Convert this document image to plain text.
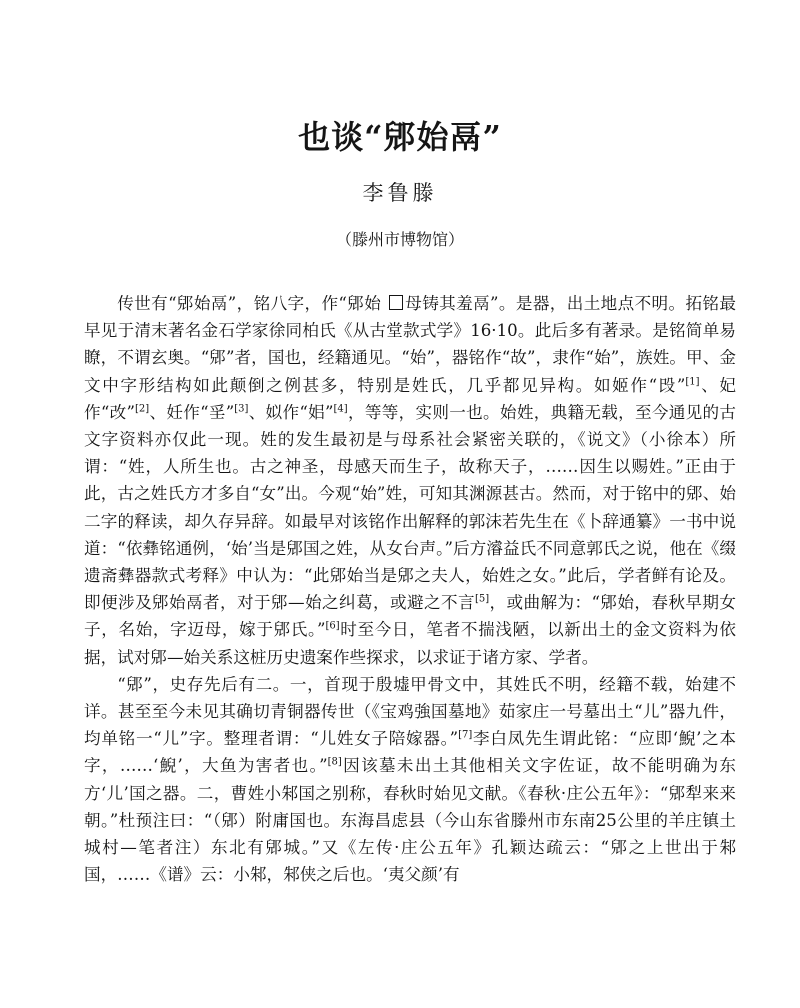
也谈“郳始鬲”
李鲁滕
（滕州市博物馆）

传世有“郳始鬲”，铭八字，作“郳始 母铸其羞鬲”。是器，出土地点不明。拓铭最早见于清末著名金石学家徐同柏氏《从古堂款式学》16·10。此后多有著录。是铭简单易瞭，不谓玄奥。“郳”者，国也，经籍通见。“始”，器铭作“故”，隶作“始”，族姓。甲、金文中字形结构如此颠倒之例甚多，特别是姓氏，几乎都见异构。如姬作“㱼”[1]、妃作“改”[2]、妊作“㸒”[3]、姒作“㚶”[4]，等等，实则一也。始姓，典籍无载，至今通见的古文字资料亦仅此一现。姓的发生最初是与母系社会紧密关联的，《说文》（小徐本）所谓：“姓，人所生也。古之神圣，母感天而生子，故称天子，……因生以赐姓。”正由于此，古之姓氏方才多自“女”出。今观“始”姓，可知其渊源甚古。然而，对于铭中的郳、始二字的释读，却久存异辞。如最早对该铭作出解释的郭沫若先生在《卜辞通纂》一书中说道：“依彝铭通例，‘始’当是郳国之姓，从女台声。”后方濬益氏不同意郭氏之说，他在《缀遗斋彝器款式考释》中认为：“此郳始当是郳之夫人，始姓之女。”此后，学者鲜有论及。即便涉及郳始鬲者，对于郳—始之纠葛，或避之不言[5]，或曲解为：“郳始，春秋早期女子，名始，字迈母，嫁于郳氏。”[6]时至今日，笔者不揣浅陋，以新出土的金文资料为依据，试对郳—始关系这桩历史遗案作些探求，以求证于诸方家、学者。

“郳”，史存先后有二。一，首现于殷墟甲骨文中，其姓氏不明，经籍不载，始建不详。甚至至今未见其确切青铜器传世（《宝鸡強国墓地》茹家庄一号墓出土“儿”器九件，均单铭一“儿”字。整理者谓：“儿姓女子陪嫁器。”[7]李白凤先生谓此铭：“应即‘鯢’之本字，……‘鯢’，大鱼为害者也。”[8]因该墓未出土其他相关文字佐证，故不能明确为东方‘儿’国之器。二，曹姓小邾国之别称，春秋时始见文献。《春秋·庄公五年》：“郳犁来来朝。”杜预注曰：“（郳）附庸国也。东海昌虑县（今山东省滕州市东南25公里的羊庄镇土城村—笔者注）东北有郳城。”又《左传·庄公五年》孔颖达疏云：“郳之上世出于邾国，……《谱》云：小邾，邾侠之后也。‘夷父颜’有
